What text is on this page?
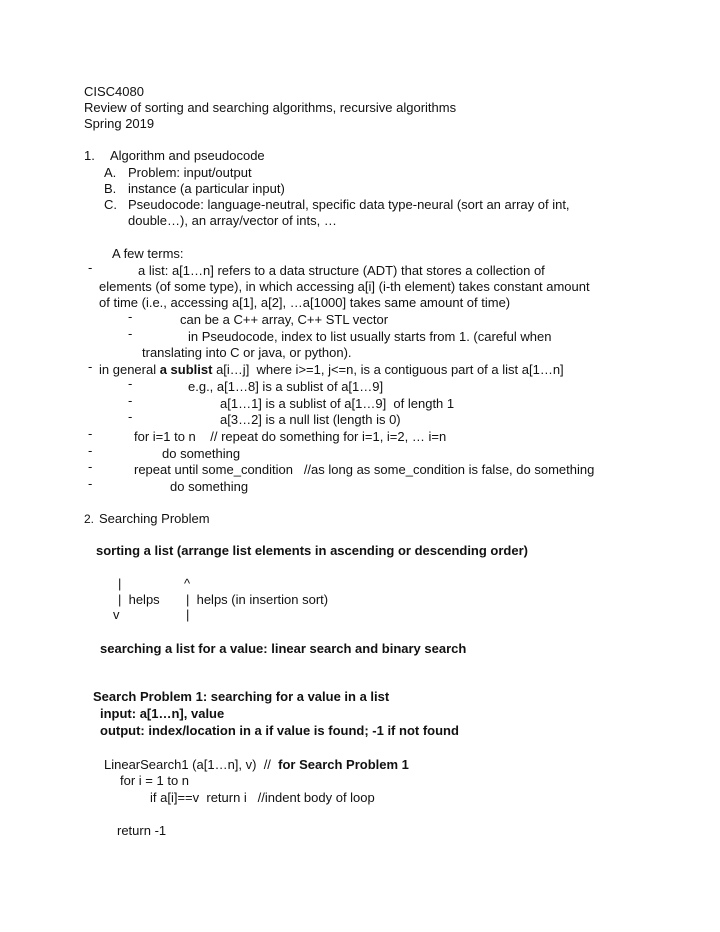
CISC4080
Review of sorting and searching algorithms, recursive algorithms
Spring 2019
1. Algorithm and pseudocode
A. Problem: input/output
B. instance (a particular input)
C. Pseudocode: language-neutral, specific data type-neural (sort an array of int,
double…), an array/vector of ints, …
A few terms:
-	a list: a[1…n] refers to a data structure (ADT) that stores a collection of
elements (of some type), in which accessing a[i] (i-th element) takes constant amount
of time (i.e., accessing a[1], a[2], …a[1000] takes same amount of time)
-	can be a C++ array, C++ STL vector
-	in Pseudocode, index to list usually starts from 1. (careful when
translating into C or java, or python).
- in general a sublist a[i…j]  where i>=1, j<=n, is a contiguous part of a list a[1…n]
-	e.g., a[1…8] is a sublist of a[1…9]
-	a[1…1] is a sublist of a[1…9]  of length 1
-	a[3…2] is a null list (length is 0)
-	for i=1 to n    // repeat do something for i=1, i=2, … i=n
-	do something
-	repeat until some_condition   //as long as some_condition is false, do something
-	do something
2. Searching Problem
sorting a list (arrange list elements in ascending or descending order)
|	^
|  helps |  helps (in insertion sort)
v	|
searching a list for a value: linear search and binary search
Search Problem 1: searching for a value in a list
input: a[1…n], value
output: index/location in a if value is found; -1 if not found
LinearSearch1 (a[1…n], v)  //  for Search Problem 1
for i = 1 to n
if a[i]==v  return i   //indent body of loop
return -1
